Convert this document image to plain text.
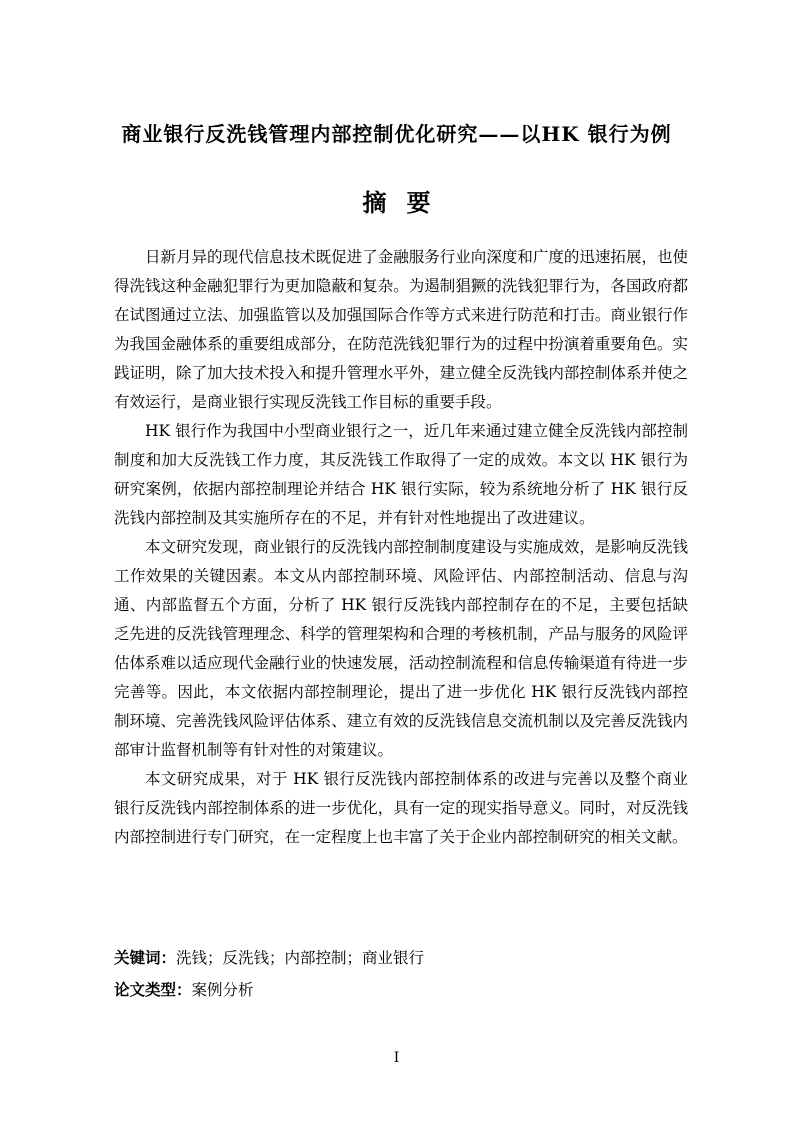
商业银行反洗钱管理内部控制优化研究——以HK 银行为例
摘要

日新月异的现代信息技术既促进了金融服务行业向深度和广度的迅速拓展，也使得洗钱这种金融犯罪行为更加隐蔽和复杂。为遏制猖獗的洗钱犯罪行为，各国政府都在试图通过立法、加强监管以及加强国际合作等方式来进行防范和打击。商业银行作为我国金融体系的重要组成部分，在防范洗钱犯罪行为的过程中扮演着重要角色。实践证明，除了加大技术投入和提升管理水平外，建立健全反洗钱内部控制体系并使之有效运行，是商业银行实现反洗钱工作目标的重要手段。

HK 银行作为我国中小型商业银行之一，近几年来通过建立健全反洗钱内部控制制度和加大反洗钱工作力度，其反洗钱工作取得了一定的成效。本文以 HK 银行为研究案例，依据内部控制理论并结合 HK 银行实际，较为系统地分析了 HK 银行反洗钱内部控制及其实施所存在的不足，并有针对性地提出了改进建议。

本文研究发现，商业银行的反洗钱内部控制制度建设与实施成效，是影响反洗钱工作效果的关键因素。本文从内部控制环境、风险评估、内部控制活动、信息与沟通、内部监督五个方面，分析了 HK 银行反洗钱内部控制存在的不足，主要包括缺乏先进的反洗钱管理理念、科学的管理架构和合理的考核机制，产品与服务的风险评估体系难以适应现代金融行业的快速发展，活动控制流程和信息传输渠道有待进一步完善等。因此，本文依据内部控制理论，提出了进一步优化 HK 银行反洗钱内部控制环境、完善洗钱风险评估体系、建立有效的反洗钱信息交流机制以及完善反洗钱内部审计监督机制等有针对性的对策建议。

本文研究成果，对于 HK 银行反洗钱内部控制体系的改进与完善以及整个商业银行反洗钱内部控制体系的进一步优化，具有一定的现实指导意义。同时，对反洗钱内部控制进行专门研究，在一定程度上也丰富了关于企业内部控制研究的相关文献。

关键词：洗钱；反洗钱；内部控制；商业银行
论文类型：案例分析
I
